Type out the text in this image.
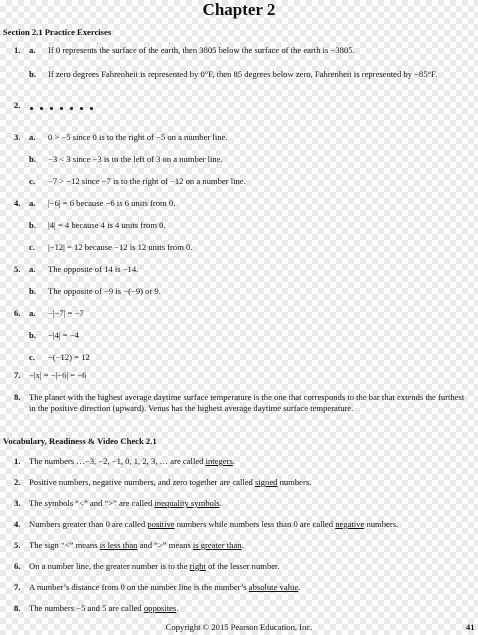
Chapter 2
Section 2.1 Practice Exercises
1. a. If 0 represents the surface of the earth, then 3805 below the surface of the earth is −3805.
b. If zero degrees Fahrenheit is represented by 0°F, then 85 degrees below zero, Fahrenheit is represented by −85°F.
3. a. 0 > −5 since 0 is to the right of −5 on a number line.
b. −3 < 3 since −3 is to the left of 3 on a number line.
c. −7 > −12 since −7 is to the right of −12 on a number line.
4. a. |−6| = 6 because −6 is 6 units from 0.
b. |4| = 4 because 4 is 4 units from 0.
c. |−12| = 12 because −12 is 12 units from 0.
5. a. The opposite of 14 is −14.
b. The opposite of −9 is −(−9) or 9.
6. a. −|−7| = −7
b. −|4| = −4
c. −(−12) = 12
2.
7. −|x| = −|−6| = −6
8. The planet with the highest average daytime surface temperature is the one that corresponds to the bar that extends the furthest in the positive direction (upward). Venus has the highest average daytime surface temperature.
Vocabulary, Readiness & Video Check 2.1
1. The numbers …−3, −2, −1, 0, 1, 2, 3, … are called integers.
2. Positive numbers, negative numbers, and zero together are called signed numbers.
3. The symbols “<” and “>” are called inequality symbols.
4. Numbers greater than 0 are called positive numbers while numbers less than 0 are called negative numbers.
5. The sign “<” means is less than and “>” means is greater than.
6. On a number line, the greater number is to the right of the lesser number.
7. A number’s distance from 0 on the number line is the number’s absolute value.
8. The numbers −5 and 5 are called opposites.
Copyright © 2015 Pearson Education, Inc.	41
